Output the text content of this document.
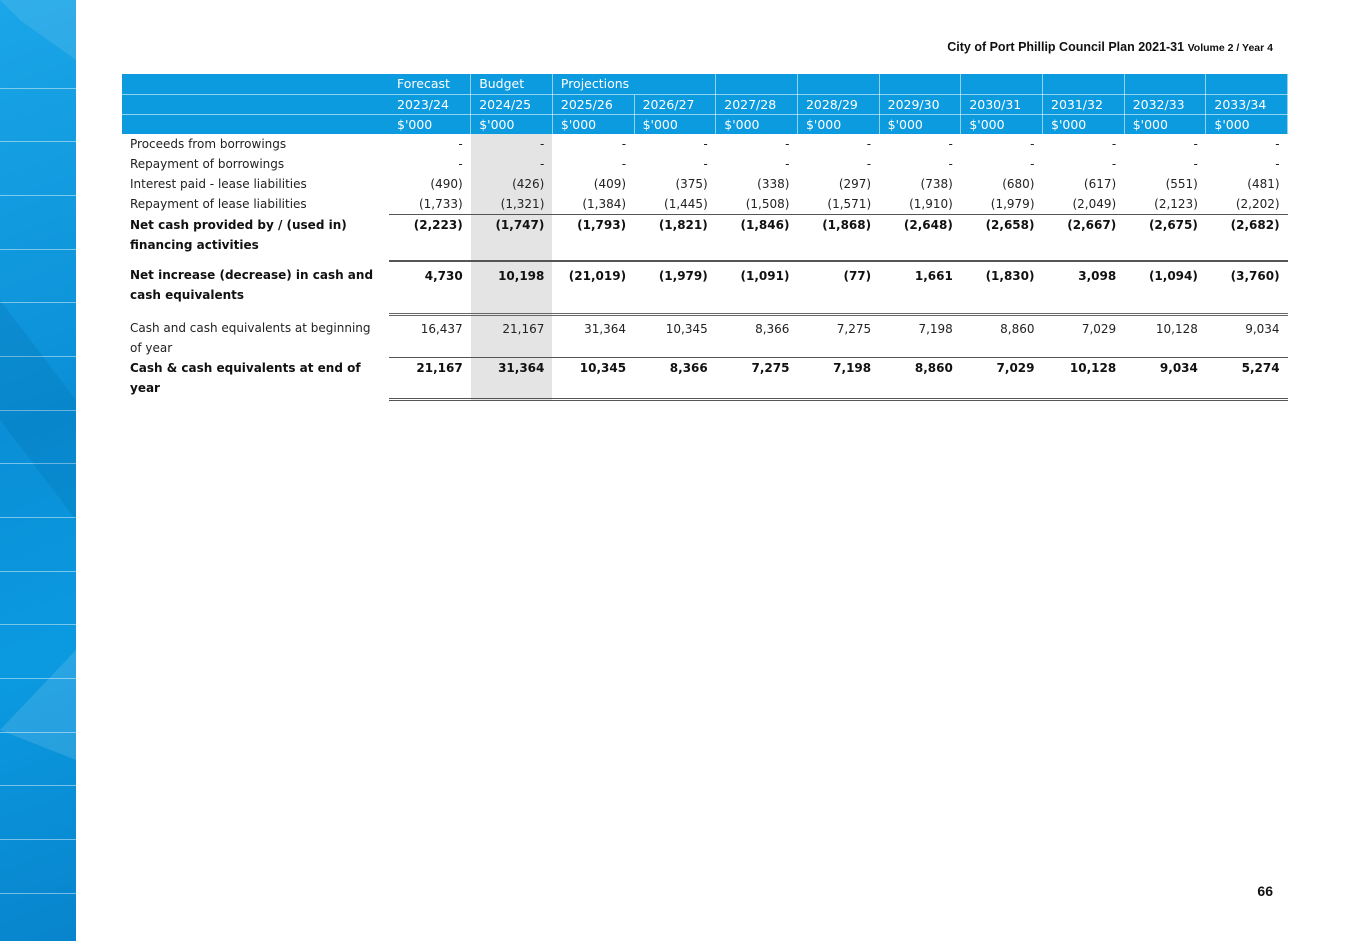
City of Port Phillip Council Plan 2021-31 Volume 2 / Year 4
	Forecast	Budget	Projections								
	2023/24	2024/25	2025/26	2026/27	2027/28	2028/29	2029/30	2030/31	2031/32	2032/33	2033/34
	$'000	$'000	$'000	$'000	$'000	$'000	$'000	$'000	$'000	$'000	$'000
Proceeds from borrowings	-	-	-	-	-	-	-	-	-	-	-
Repayment of borrowings	-	-	-	-	-	-	-	-	-	-	-
Interest paid - lease liabilities	(490)	(426)	(409)	(375)	(338)	(297)	(738)	(680)	(617)	(551)	(481)
Repayment of lease liabilities	(1,733)	(1,321)	(1,384)	(1,445)	(1,508)	(1,571)	(1,910)	(1,979)	(2,049)	(2,123)	(2,202)
Net cash provided by / (used in) financing activities	(2,223)	(1,747)	(1,793)	(1,821)	(1,846)	(1,868)	(2,648)	(2,658)	(2,667)	(2,675)	(2,682)
Net increase (decrease) in cash and cash equivalents	4,730	10,198	(21,019)	(1,979)	(1,091)	(77)	1,661	(1,830)	3,098	(1,094)	(3,760)
Cash and cash equivalents at beginning of year	16,437	21,167	31,364	10,345	8,366	7,275	7,198	8,860	7,029	10,128	9,034
Cash & cash equivalents at end of year	21,167	31,364	10,345	8,366	7,275	7,198	8,860	7,029	10,128	9,034	5,274
66
